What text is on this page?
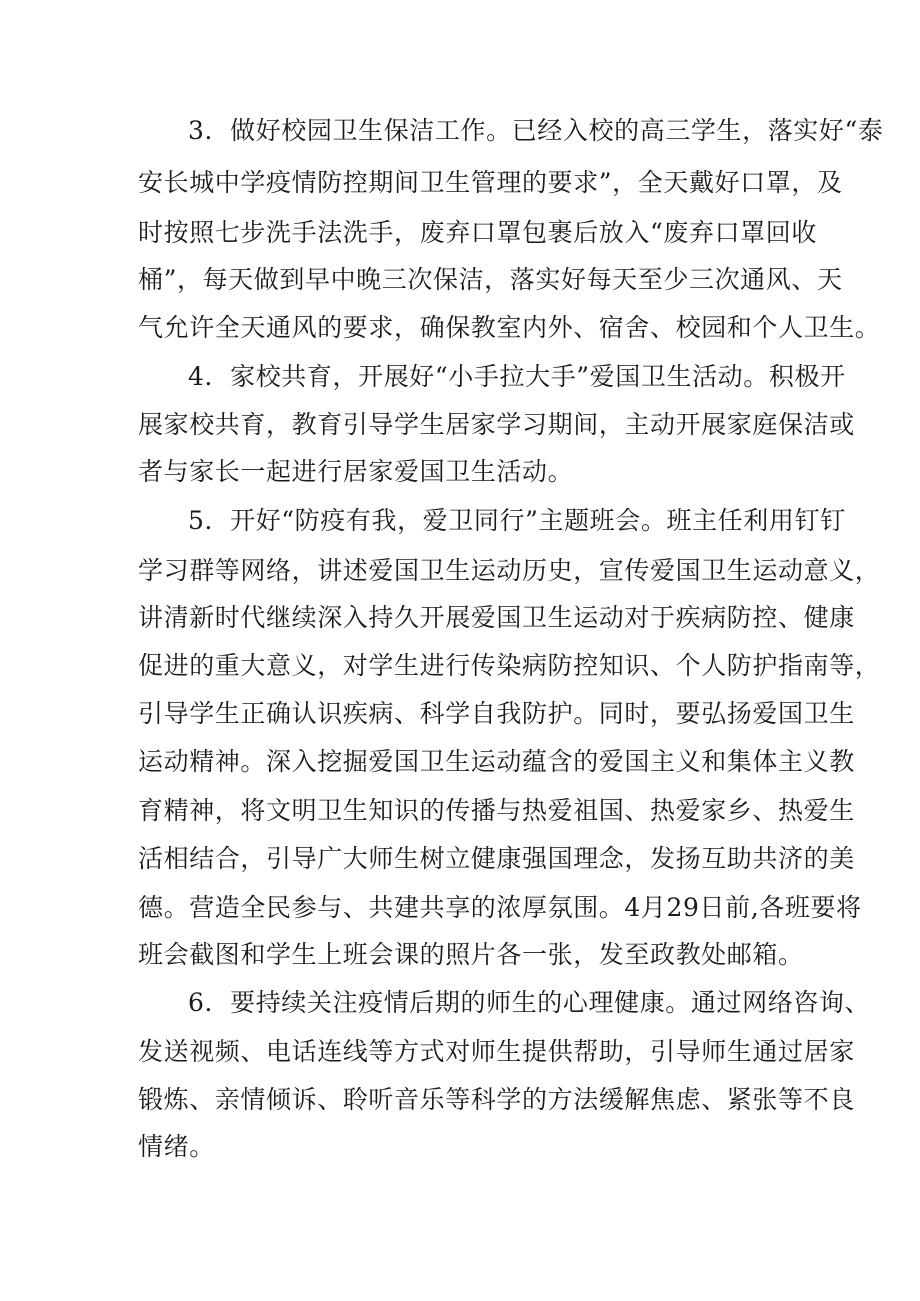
3．做好校园卫生保洁工作。已经入校的高三学生，落实好“泰
安长城中学疫情防控期间卫生管理的要求”，全天戴好口罩，及
时按照七步洗手法洗手，废弃口罩包裹后放入“废弃口罩回收
桶”，每天做到早中晚三次保洁，落实好每天至少三次通风、天
气允许全天通风的要求，确保教室内外、宿舍、校园和个人卫生。
4．家校共育，开展好“小手拉大手”爱国卫生活动。积极开
展家校共育，教育引导学生居家学习期间，主动开展家庭保洁或
者与家长一起进行居家爱国卫生活动。
5．开好“防疫有我，爱卫同行”主题班会。班主任利用钉钉
学习群等网络，讲述爱国卫生运动历史，宣传爱国卫生运动意义，
讲清新时代继续深入持久开展爱国卫生运动对于疾病防控、健康
促进的重大意义，对学生进行传染病防控知识、个人防护指南等，
引导学生正确认识疾病、科学自我防护。同时，要弘扬爱国卫生
运动精神。深入挖掘爱国卫生运动蕴含的爱国主义和集体主义教
育精神，将文明卫生知识的传播与热爱祖国、热爱家乡、热爱生
活相结合，引导广大师生树立健康强国理念，发扬互助共济的美
德。营造全民参与、共建共享的浓厚氛围。4月29日前,各班要将
班会截图和学生上班会课的照片各一张，发至政教处邮箱。
6．要持续关注疫情后期的师生的心理健康。通过网络咨询、
发送视频、电话连线等方式对师生提供帮助，引导师生通过居家
锻炼、亲情倾诉、聆听音乐等科学的方法缓解焦虑、紧张等不良
情绪。
